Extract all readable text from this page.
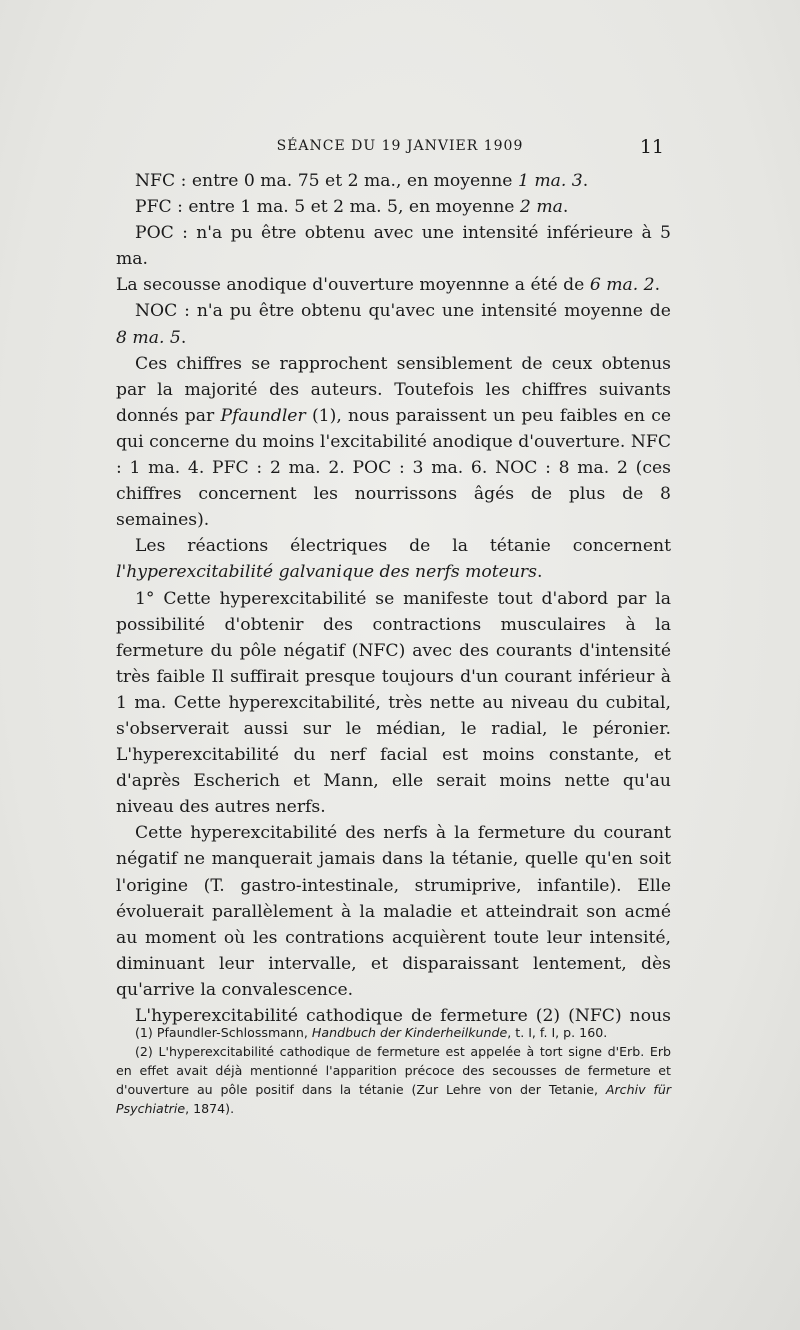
SÉANCE DU 19 JANVIER 1909	11

NFC : entre 0 ma. 75 et 2 ma., en moyenne 1 ma. 3.

PFC : entre 1 ma. 5 et 2 ma. 5, en moyenne 2 ma.

POC : n'a pu être obtenu avec une intensité inférieure à 5 ma.

La secousse anodique d'ouverture moyennne a été de 6 ma. 2.

NOC : n'a pu être obtenu qu'avec une intensité moyenne de 8 ma. 5.

Ces chiffres se rapprochent sensiblement de ceux obtenus par la majorité des auteurs. Toutefois les chiffres suivants donnés par Pfaundler (1), nous paraissent un peu faibles en ce qui concerne du moins l'excitabilité anodique d'ouverture. NFC : 1 ma. 4. PFC : 2 ma. 2. POC : 3 ma. 6. NOC : 8 ma. 2 (ces chiffres concernent les nourrissons âgés de plus de 8 semaines).

Les réactions électriques de la tétanie concernent l'hyperexcitabilité galvanique des nerfs moteurs.

1° Cette hyperexcitabilité se manifeste tout d'abord par la possibilité d'obtenir des contractions musculaires à la fermeture du pôle négatif (NFC) avec des courants d'intensité très faible Il suffirait presque toujours d'un courant inférieur à 1 ma. Cette hyperexcitabilité, très nette au niveau du cubital, s'observerait aussi sur le médian, le radial, le péronier. L'hyperexcitabilité du nerf facial est moins constante, et d'après Escherich et Mann, elle serait moins nette qu'au niveau des autres nerfs.

Cette hyperexcitabilité des nerfs à la fermeture du courant négatif ne manquerait jamais dans la tétanie, quelle qu'en soit l'origine (T. gastro-intestinale, strumiprive, infantile). Elle évoluerait parallèlement à la maladie et atteindrait son acmé au moment où les contrations acquièrent toute leur intensité, diminuant leur intervalle, et disparaissant lentement, dès qu'arrive la convalescence.

L'hyperexcitabilité cathodique de fermeture (2) (NFC) nous

(1) Pfaundler-Schlossmann, Handbuch der Kinderheilkunde, t. I, f. I, p. 160.

(2) L'hyperexcitabilité cathodique de fermeture est appelée à tort signe d'Erb. Erb en effet avait déjà mentionné l'apparition précoce des secousses de fermeture et d'ouverture au pôle positif dans la tétanie (Zur Lehre von der Tetanie, Archiv für Psychiatrie, 1874).
